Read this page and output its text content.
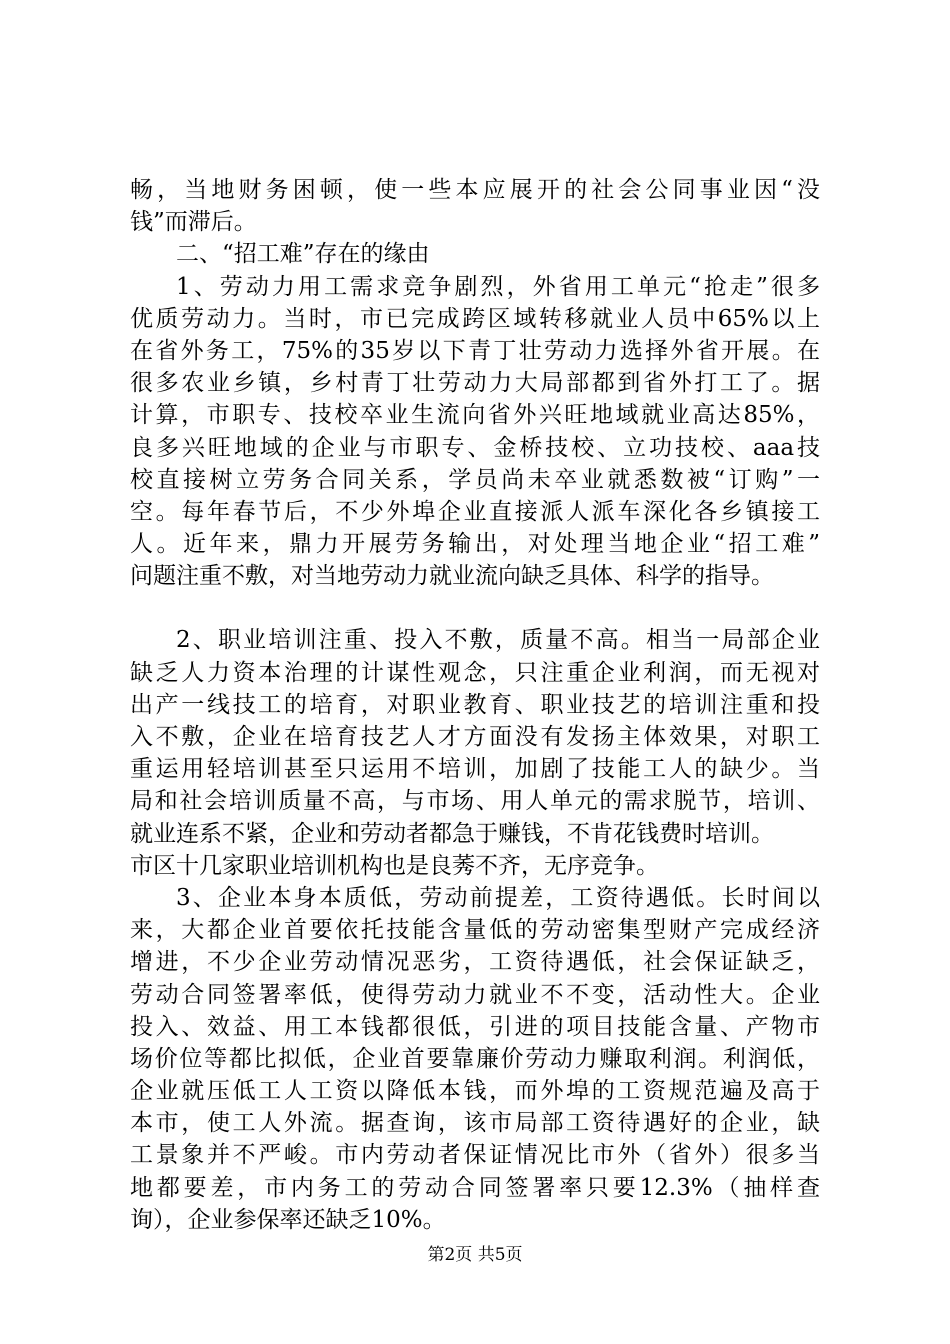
畅，当地财务困顿，使一些本应展开的社会公同事业因“没
钱”而滞后。
二、“招工难”存在的缘由
1、劳动力用工需求竞争剧烈，外省用工单元“抢走”很多
优质劳动力。当时，市已完成跨区域转移就业人员中65%以上
在省外务工，75%的35岁以下青丁壮劳动力选择外省开展。在
很多农业乡镇，乡村青丁壮劳动力大局部都到省外打工了。据
计算，市职专、技校卒业生流向省外兴旺地域就业高达85%，
良多兴旺地域的企业与市职专、金桥技校、立功技校、aaa技
校直接树立劳务合同关系，学员尚未卒业就悉数被“订购”一
空。每年春节后，不少外埠企业直接派人派车深化各乡镇接工
人。近年来，鼎力开展劳务输出，对处理当地企业“招工难”
问题注重不敷，对当地劳动力就业流向缺乏具体、科学的指导。
2、职业培训注重、投入不敷，质量不高。相当一局部企业
缺乏人力资本治理的计谋性观念，只注重企业利润，而无视对
出产一线技工的培育，对职业教育、职业技艺的培训注重和投
入不敷，企业在培育技艺人才方面没有发扬主体效果，对职工
重运用轻培训甚至只运用不培训，加剧了技能工人的缺少。当
局和社会培训质量不高，与市场、用人单元的需求脱节，培训、
就业连系不紧，企业和劳动者都急于赚钱，不肯花钱费时培训。
市区十几家职业培训机构也是良莠不齐，无序竞争。
3、企业本身本质低，劳动前提差，工资待遇低。长时间以
来，大都企业首要依托技能含量低的劳动密集型财产完成经济
增进，不少企业劳动情况恶劣，工资待遇低，社会保证缺乏，
劳动合同签署率低，使得劳动力就业不不变，活动性大。企业
投入、效益、用工本钱都很低，引进的项目技能含量、产物市
场价位等都比拟低，企业首要靠廉价劳动力赚取利润。利润低，
企业就压低工人工资以降低本钱，而外埠的工资规范遍及高于
本市，使工人外流。据查询，该市局部工资待遇好的企业，缺
工景象并不严峻。市内劳动者保证情况比市外（省外）很多当
地都要差，市内务工的劳动合同签署率只要12.3%（抽样查
询），企业参保率还缺乏10%。
第2页 共5页
